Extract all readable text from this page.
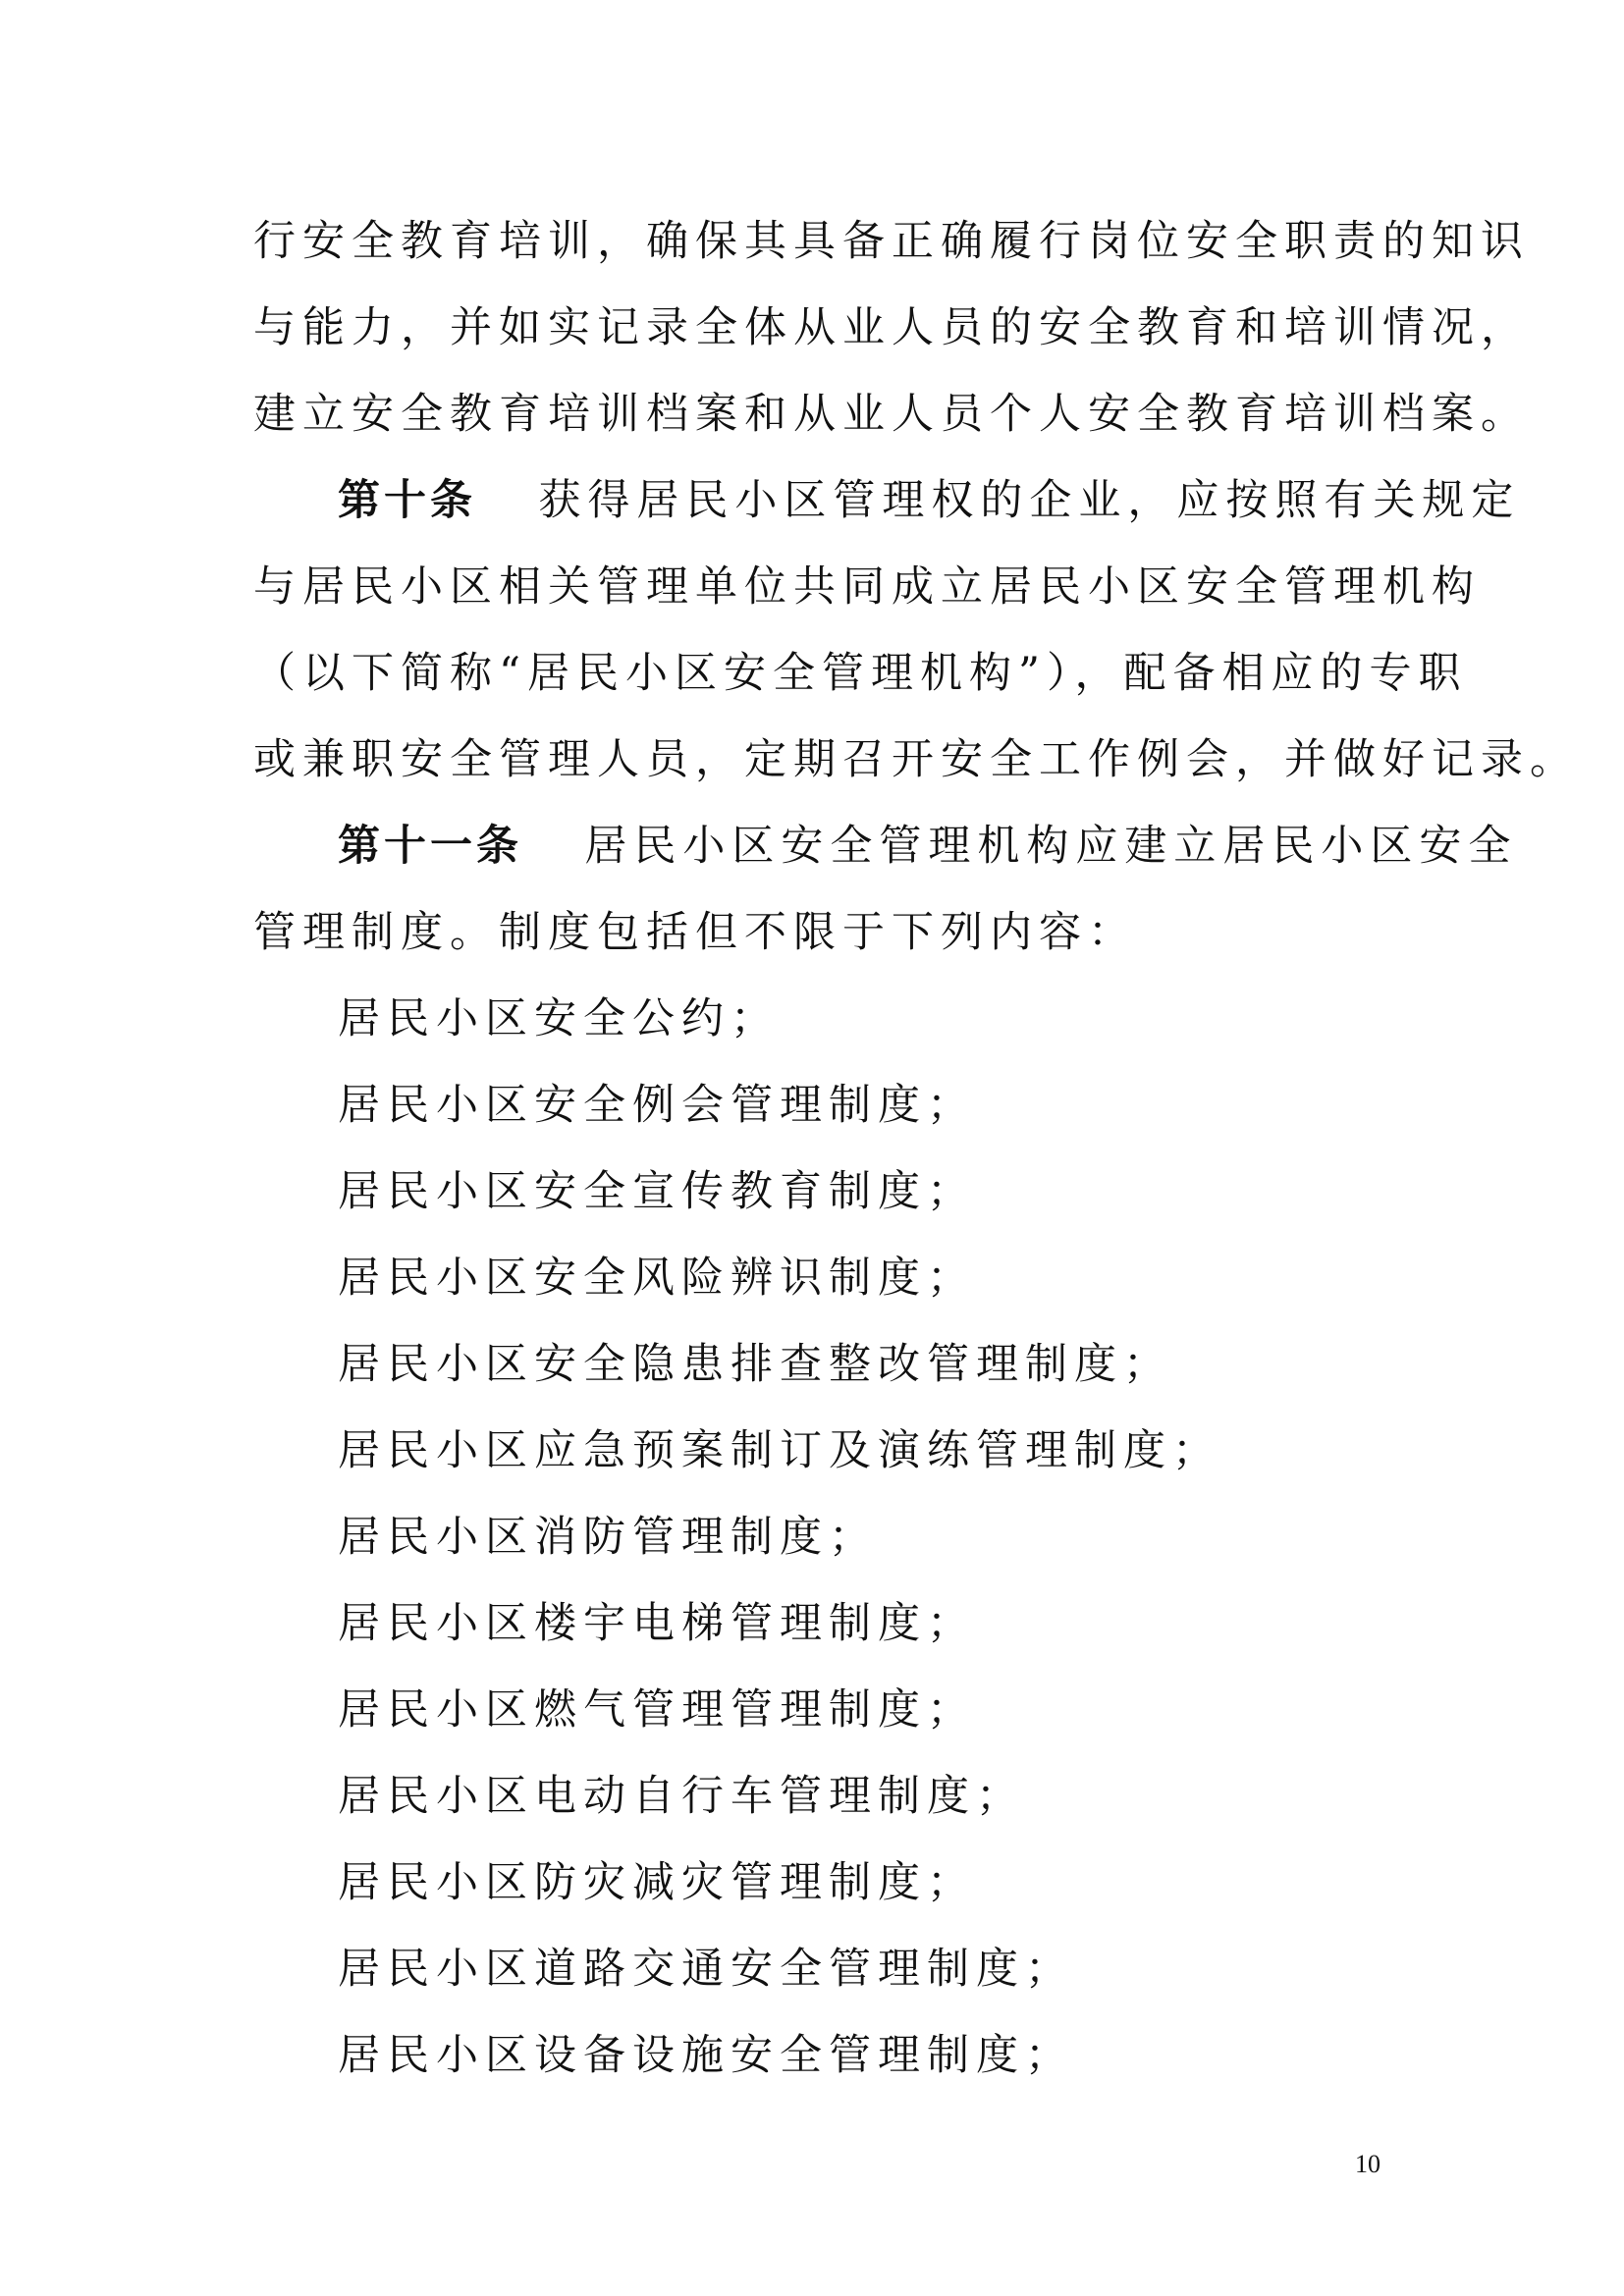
行安全教育培训，确保其具备正确履行岗位安全职责的知识
与能力，并如实记录全体从业人员的安全教育和培训情况，
建立安全教育培训档案和从业人员个人安全教育培训档案。
第十条 获得居民小区管理权的企业，应按照有关规定
与居民小区相关管理单位共同成立居民小区安全管理机构
（以下简称“居民小区安全管理机构”），配备相应的专职
或兼职安全管理人员，定期召开安全工作例会，并做好记录。
第十一条 居民小区安全管理机构应建立居民小区安全
管理制度。制度包括但不限于下列内容：
居民小区安全公约；
居民小区安全例会管理制度；
居民小区安全宣传教育制度；
居民小区安全风险辨识制度；
居民小区安全隐患排查整改管理制度；
居民小区应急预案制订及演练管理制度；
居民小区消防管理制度；
居民小区楼宇电梯管理制度；
居民小区燃气管理管理制度；
居民小区电动自行车管理制度；
居民小区防灾减灾管理制度；
居民小区道路交通安全管理制度；
居民小区设备设施安全管理制度；
10
